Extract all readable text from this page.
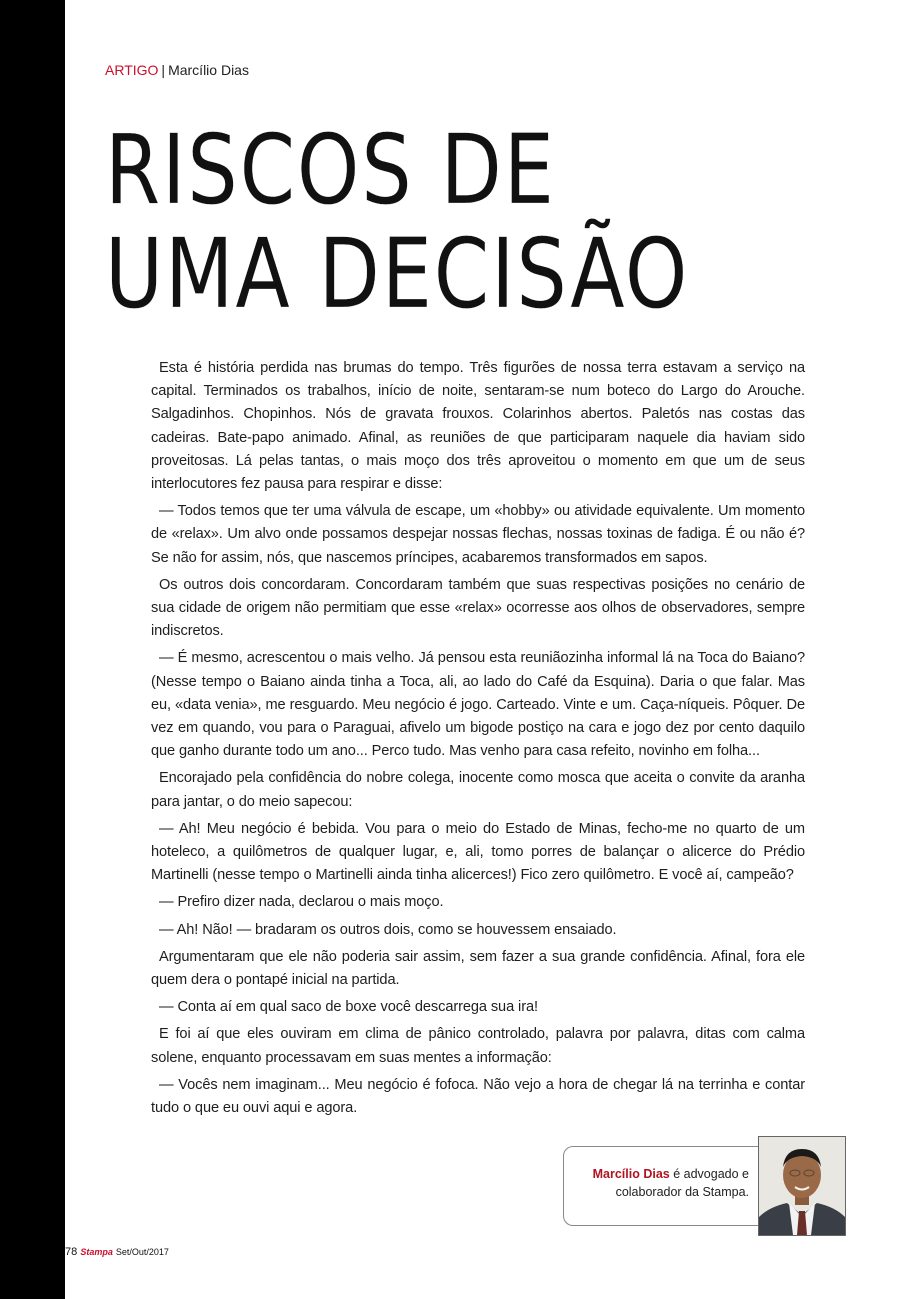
ARTIGO | Marcílio Dias
RISCOS DE
UMA DECISÃO

Esta é história perdida nas brumas do tempo. Três figurões de nossa terra estavam a serviço na capital. Terminados os trabalhos, início de noite, sentaram-se num boteco do Largo do Arouche. Salgadinhos. Chopinhos. Nós de gravata frouxos. Colarinhos abertos. Paletós nas costas das cadeiras. Bate-papo animado. Afinal, as reuniões de que participaram naquele dia haviam sido proveitosas. Lá pelas tantas, o mais moço dos três aproveitou o momento em que um de seus interlocutores fez pausa para respirar e disse:

— Todos temos que ter uma válvula de escape, um «hobby» ou atividade equivalente. Um momento de «relax». Um alvo onde possamos despejar nossas flechas, nossas toxinas de fadiga. É ou não é? Se não for assim, nós, que nascemos príncipes, acabaremos transformados em sapos.

Os outros dois concordaram. Concordaram também que suas respectivas posições no cenário de sua cidade de origem não permitiam que esse «relax» ocorresse aos olhos de observadores, sempre indiscretos.

— É mesmo, acrescentou o mais velho. Já pensou esta reuniãozinha informal lá na Toca do Baiano? (Nesse tempo o Baiano ainda tinha a Toca, ali, ao lado do Café da Esquina). Daria o que falar. Mas eu, «data venia», me resguardo. Meu negócio é jogo. Carteado. Vinte e um. Caça-níqueis. Pôquer. De vez em quando, vou para o Paraguai, afivelo um bigode postiço na cara e jogo dez por cento daquilo que ganho durante todo um ano... Perco tudo. Mas venho para casa refeito, novinho em folha...

Encorajado pela confidência do nobre colega, inocente como mosca que aceita o convite da aranha para jantar, o do meio sapecou:

— Ah! Meu negócio é bebida. Vou para o meio do Estado de Minas, fecho-me no quarto de um hoteleco, a quilômetros de qualquer lugar, e, ali, tomo porres de balançar o alicerce do Prédio Martinelli (nesse tempo o Martinelli ainda tinha alicerces!) Fico zero quilômetro. E você aí, campeão?

— Prefiro dizer nada, declarou o mais moço.

— Ah! Não! — bradaram os outros dois, como se houvessem ensaiado.

Argumentaram que ele não poderia sair assim, sem fazer a sua grande confidência. Afinal, fora ele quem dera o pontapé inicial na partida.

— Conta aí em qual saco de boxe você descarrega sua ira!

E foi aí que eles ouviram em clima de pânico controlado, palavra por palavra, ditas com calma solene, enquanto processavam em suas mentes a informação:

— Vocês nem imaginam... Meu negócio é fofoca. Não vejo a hora de chegar lá na terrinha e contar tudo o que eu ouvi aqui e agora.

Marcílio Dias é advogado e
colaborador da Stampa.
78 Stampa Set/Out/2017
